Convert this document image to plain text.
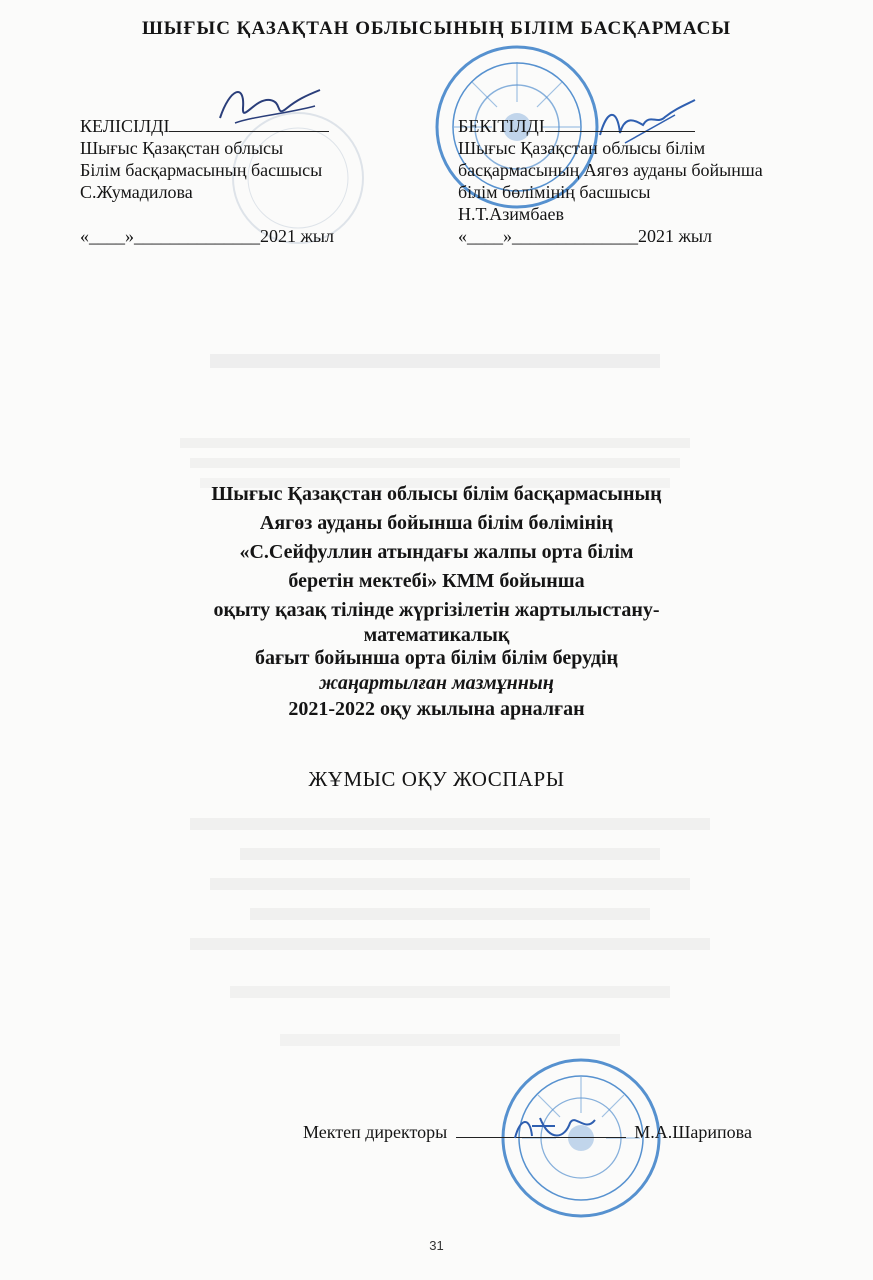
ШЫҒЫС ҚАЗАҚТАН ОБЛЫСЫНЫҢ БІЛІМ БАСҚАРМАСЫ
КЕЛІСІЛДІ
Шығыс Қазақстан облысы
Білім басқармасының басшысы
С.Жумадилова
«____»______________2021 жыл
БЕКІТІЛДІ
Шығыс Қазақстан облысы білім
басқармасының Аягөз ауданы бойынша
білім бөлімінің басшысы
Н.Т.Азимбаев
«____»______________2021 жыл
Шығыс Қазақстан облысы білім басқармасының
Аягөз ауданы бойынша білім бөлімінің
«С.Сейфуллин атындағы жалпы орта білім
беретін мектебі» КММ бойынша
оқыту қазақ тілінде жүргізілетін жартылыстану-
математикалық
бағыт бойынша орта білім білім берудің
жаңартылған мазмұнның
2021-2022 оқу жылына арналған
ЖҰМЫС ОҚУ ЖОСПАРЫ
Мектеп директоры	М.А.Шарипова
31
